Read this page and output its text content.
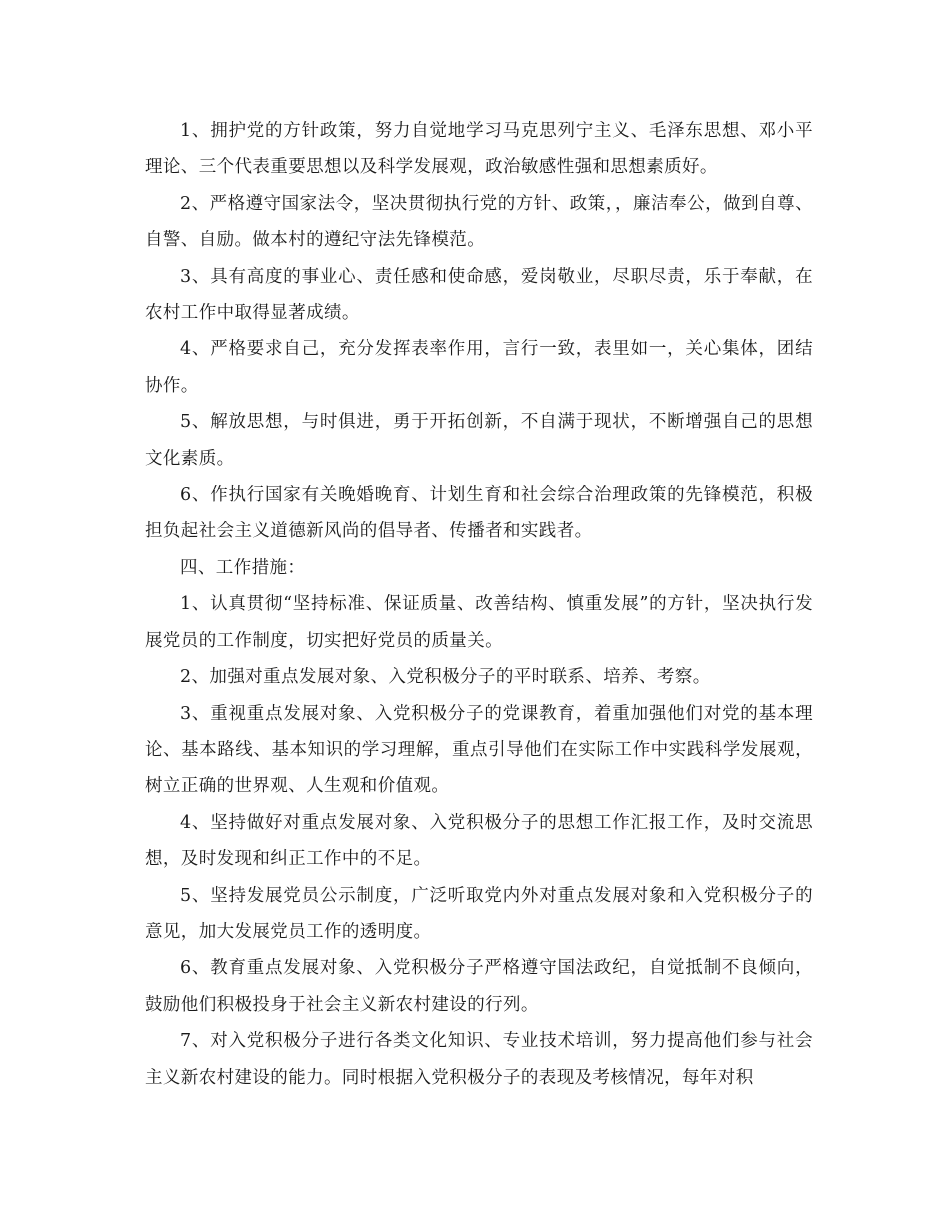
1、拥护党的方针政策，努力自觉地学习马克思列宁主义、毛泽东思想、邓小平理论、三个代表重要思想以及科学发展观，政治敏感性强和思想素质好。

2、严格遵守国家法令，坚决贯彻执行党的方针、政策，，廉洁奉公，做到自尊、自警、自励。做本村的遵纪守法先锋模范。

3、具有高度的事业心、责任感和使命感，爱岗敬业，尽职尽责，乐于奉献，在农村工作中取得显著成绩。

4、严格要求自己，充分发挥表率作用，言行一致，表里如一，关心集体，团结协作。

5、解放思想，与时俱进，勇于开拓创新，不自满于现状，不断增强自己的思想文化素质。

6、作执行国家有关晚婚晚育、计划生育和社会综合治理政策的先锋模范，积极担负起社会主义道德新风尚的倡导者、传播者和实践者。

四、工作措施：

1、认真贯彻“坚持标准、保证质量、改善结构、慎重发展”的方针，坚决执行发展党员的工作制度，切实把好党员的质量关。

2、加强对重点发展对象、入党积极分子的平时联系、培养、考察。

3、重视重点发展对象、入党积极分子的党课教育，着重加强他们对党的基本理论、基本路线、基本知识的学习理解，重点引导他们在实际工作中实践科学发展观，树立正确的世界观、人生观和价值观。

4、坚持做好对重点发展对象、入党积极分子的思想工作汇报工作，及时交流思想，及时发现和纠正工作中的不足。

5、坚持发展党员公示制度，广泛听取党内外对重点发展对象和入党积极分子的意见，加大发展党员工作的透明度。

6、教育重点发展对象、入党积极分子严格遵守国法政纪，自觉抵制不良倾向，鼓励他们积极投身于社会主义新农村建设的行列。

7、对入党积极分子进行各类文化知识、专业技术培训，努力提高他们参与社会主义新农村建设的能力。同时根据入党积极分子的表现及考核情况，每年对积
